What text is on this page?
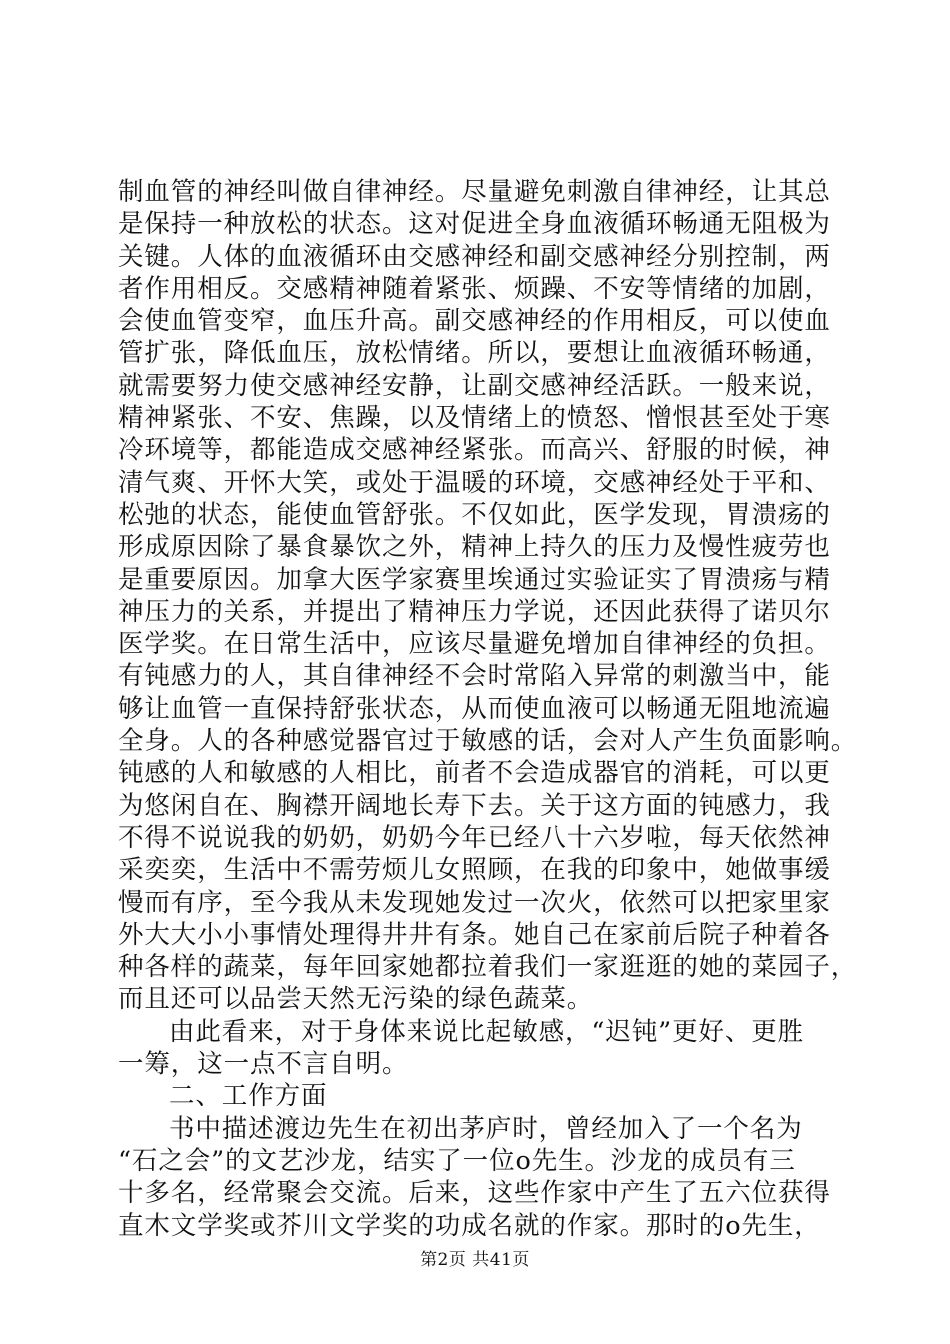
制血管的神经叫做自律神经。尽量避免刺激自律神经，让其总
是保持一种放松的状态。这对促进全身血液循环畅通无阻极为
关键。人体的血液循环由交感神经和副交感神经分别控制，两
者作用相反。交感精神随着紧张、烦躁、不安等情绪的加剧，
会使血管变窄，血压升高。副交感神经的作用相反，可以使血
管扩张，降低血压，放松情绪。所以，要想让血液循环畅通，
就需要努力使交感神经安静，让副交感神经活跃。一般来说，
精神紧张、不安、焦躁，以及情绪上的愤怒、憎恨甚至处于寒
冷环境等，都能造成交感神经紧张。而高兴、舒服的时候，神
清气爽、开怀大笑，或处于温暖的环境，交感神经处于平和、
松弛的状态，能使血管舒张。不仅如此，医学发现，胃溃疡的
形成原因除了暴食暴饮之外，精神上持久的压力及慢性疲劳也
是重要原因。加拿大医学家赛里埃通过实验证实了胃溃疡与精
神压力的关系，并提出了精神压力学说，还因此获得了诺贝尔
医学奖。在日常生活中，应该尽量避免增加自律神经的负担。
有钝感力的人，其自律神经不会时常陷入异常的刺激当中，能
够让血管一直保持舒张状态，从而使血液可以畅通无阻地流遍
全身。人的各种感觉器官过于敏感的话，会对人产生负面影响。
钝感的人和敏感的人相比，前者不会造成器官的消耗，可以更
为悠闲自在、胸襟开阔地长寿下去。关于这方面的钝感力，我
不得不说说我的奶奶，奶奶今年已经八十六岁啦，每天依然神
采奕奕，生活中不需劳烦儿女照顾，在我的印象中，她做事缓
慢而有序，至今我从未发现她发过一次火，依然可以把家里家
外大大小小事情处理得井井有条。她自己在家前后院子种着各
种各样的蔬菜，每年回家她都拉着我们一家逛逛的她的菜园子，
而且还可以品尝天然无污染的绿色蔬菜。
由此看来，对于身体来说比起敏感，“迟钝”更好、更胜
一筹，这一点不言自明。
二、工作方面
书中描述渡边先生在初出茅庐时，曾经加入了一个名为
“石之会”的文艺沙龙，结实了一位o先生。沙龙的成员有三
十多名，经常聚会交流。后来，这些作家中产生了五六位获得
直木文学奖或芥川文学奖的功成名就的作家。那时的o先生，
第2页 共41页
